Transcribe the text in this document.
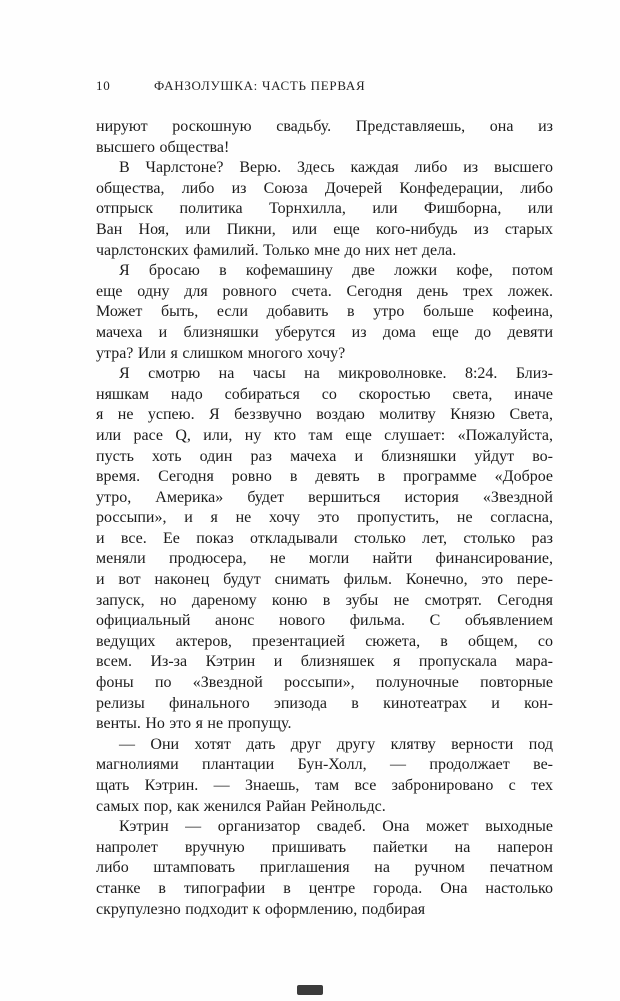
10	ФАНЗОЛУШКА: ЧАСТЬ ПЕРВАЯ

нируют роскошную свадьбу. Представляешь, она из
высшего общества!

В Чарлстоне? Верю. Здесь каждая либо из высшего
общества, либо из Союза Дочерей Конфедерации, либо
отпрыск политика Торнхилла, или Фишборна, или
Ван Ноя, или Пикни, или еще кого-нибудь из старых
чарлстонских фамилий. Только мне до них нет дела.

Я бросаю в кофемашину две ложки кофе, потом
еще одну для ровного счета. Сегодня день трех ложек.
Может быть, если добавить в утро больше кофеина,
мачеха и близняшки уберутся из дома еще до девяти
утра? Или я слишком многого хочу?

Я смотрю на часы на микроволновке. 8:24. Близ-
няшкам надо собираться со скоростью света, иначе
я не успею. Я беззвучно воздаю молитву Князю Света,
или расе Q, или, ну кто там еще слушает: «Пожалуйста,
пусть хоть один раз мачеха и близняшки уйдут во-
время. Сегодня ровно в девять в программе «Доброе
утро, Америка» будет вершиться история «Звездной
россыпи», и я не хочу это пропустить, не согласна,
и все. Ее показ откладывали столько лет, столько раз
меняли продюсера, не могли найти финансирование,
и вот наконец будут снимать фильм. Конечно, это пере-
запуск, но дареному коню в зубы не смотрят. Сегодня
официальный анонс нового фильма. С объявлением
ведущих актеров, презентацией сюжета, в общем, со
всем. Из-за Кэтрин и близняшек я пропускала мара-
фоны по «Звездной россыпи», полуночные повторные
релизы финального эпизода в кинотеатрах и кон-
венты. Но это я не пропущу.

— Они хотят дать друг другу клятву верности под
магнолиями плантации Бун-Холл, — продолжает ве-
щать Кэтрин. — Знаешь, там все забронировано с тех
самых пор, как женился Райан Рейнольдс.

Кэтрин — организатор свадеб. Она может выходные
напролет вручную пришивать пайетки на наперон
либо штамповать приглашения на ручном печатном
станке в типографии в центре города. Она настолько
скрупулезно подходит к оформлению, подбирая
